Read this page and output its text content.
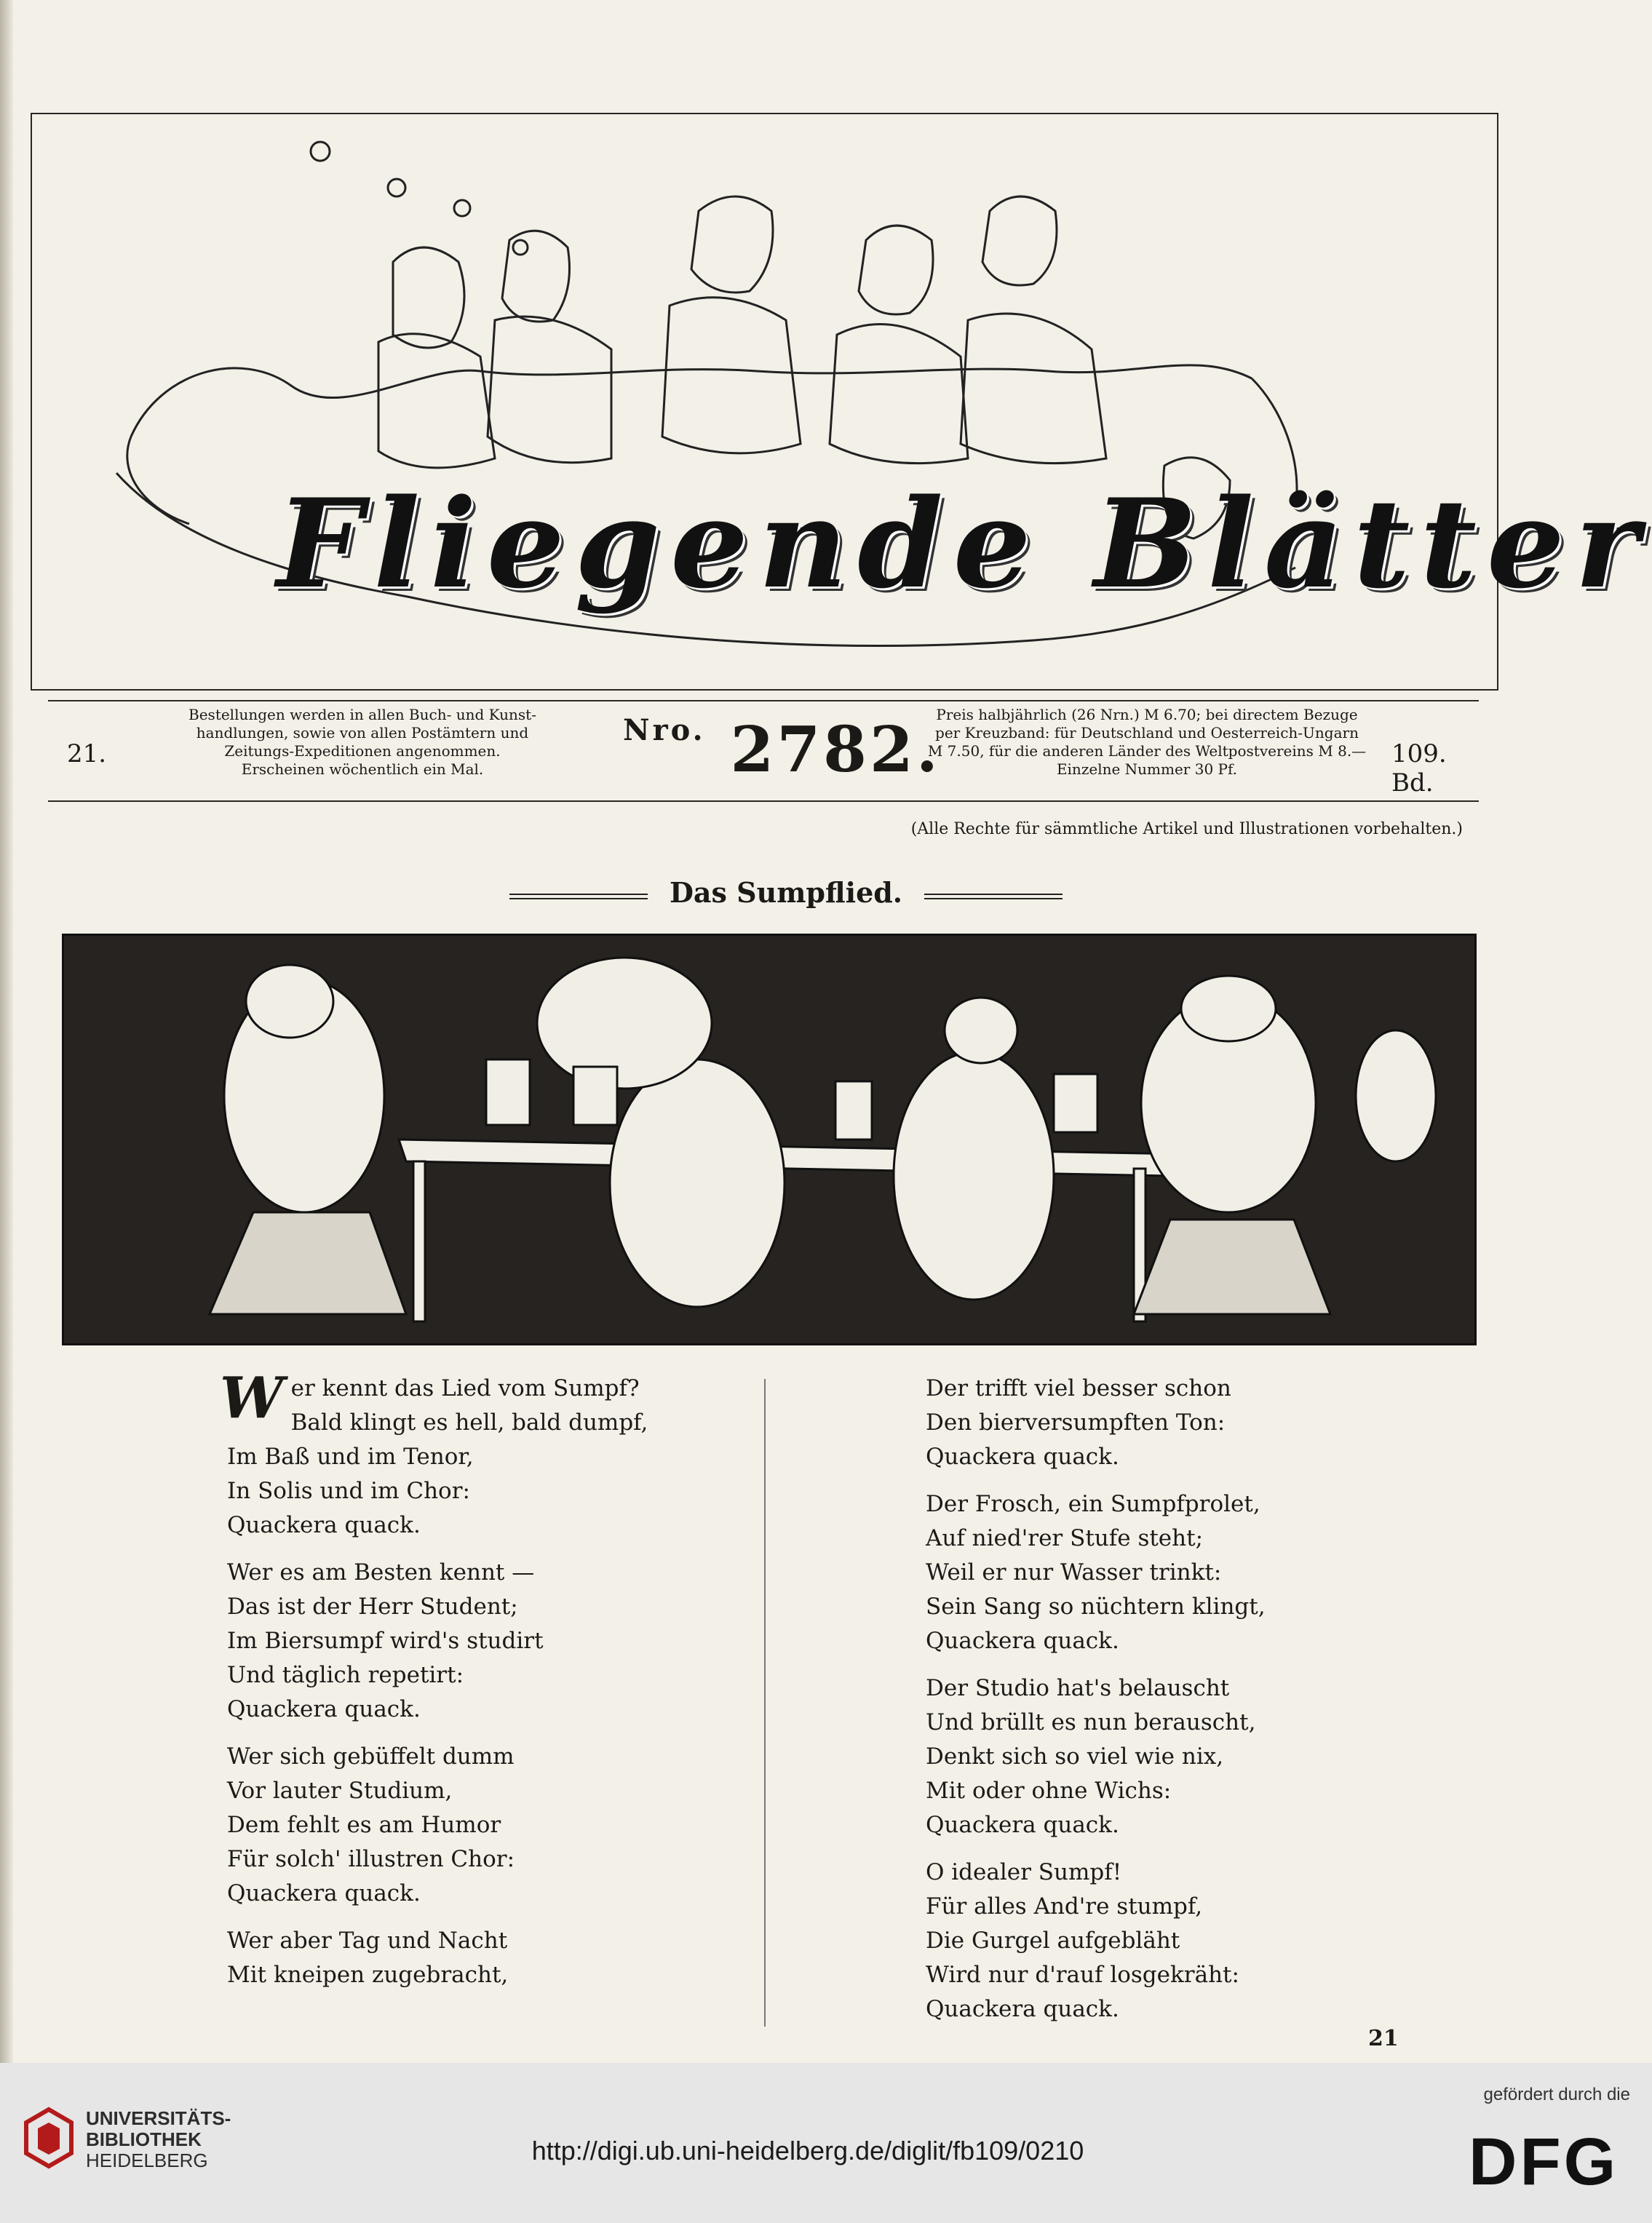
Fliegende Blätter
21.
Bestellungen werden in allen Buch- und Kunst-
handlungen, sowie von allen Postämtern und
Zeitungs-Expeditionen angenommen.
Erscheinen wöchentlich ein Mal.
$^{Nro.}$ 2782.
Preis halbjährlich (26 Nrn.) M 6.70; bei directem Bezuge
per Kreuzband: für Deutschland und Oesterreich-Ungarn
M 7.50, für die anderen Länder des Weltpostvereins M 8.—
Einzelne Nummer 30 Pf.
109. Bd.
(Alle Rechte für sämmtliche Artikel und Illustrationen vorbehalten.)
Das Sumpflied.
W er kennt das Lied vom Sumpf?
Bald klingt es hell, bald dumpf,
Im Baß und im Tenor,
In Solis und im Chor:
Quackera quack.
Wer es am Besten kennt —
Das ist der Herr Student;
Im Biersumpf wird's studirt
Und täglich repetirt:
Quackera quack.
Wer sich gebüffelt dumm
Vor lauter Studium,
Dem fehlt es am Humor
Für solch' illustren Chor:
Quackera quack.
Wer aber Tag und Nacht
Mit kneipen zugebracht,
Der trifft viel besser schon
Den bierversumpften Ton:
Quackera quack.
Der Frosch, ein Sumpfprolet,
Auf nied'rer Stufe steht;
Weil er nur Wasser trinkt:
Sein Sang so nüchtern klingt,
Quackera quack.
Der Studio hat's belauscht
Und brüllt es nun berauscht,
Denkt sich so viel wie nix,
Mit oder ohne Wichs:
Quackera quack.
O idealer Sumpf!
Für alles And're stumpf,
Die Gurgel aufgebläht
Wird nur d'rauf losgekräht:
Quackera quack.
21
UNIVERSITÄTS-
BIBLIOTHEK
HEIDELBERG	http://digi.ub.uni-heidelberg.de/diglit/fb109/0210
gefördert durch die
DFG
